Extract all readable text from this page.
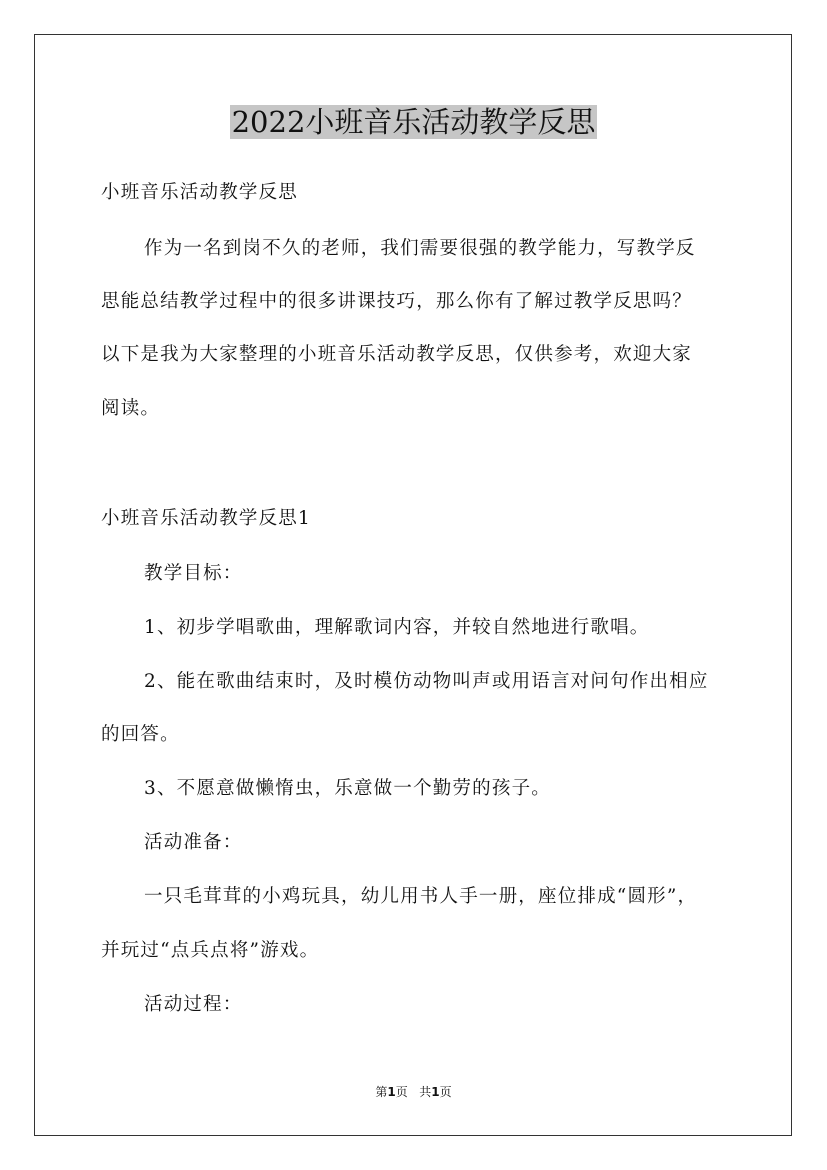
2022小班音乐活动教学反思
小班音乐活动教学反思
作为一名到岗不久的老师，我们需要很强的教学能力，写教学反
思能总结教学过程中的很多讲课技巧，那么你有了解过教学反思吗？
以下是我为大家整理的小班音乐活动教学反思，仅供参考，欢迎大家
阅读。
小班音乐活动教学反思1
教学目标：
1、初步学唱歌曲，理解歌词内容，并较自然地进行歌唱。
2、能在歌曲结束时，及时模仿动物叫声或用语言对问句作出相应
的回答。
3、不愿意做懒惰虫，乐意做一个勤劳的孩子。
活动准备：
一只毛茸茸的小鸡玩具，幼儿用书人手一册，座位排成“圆形”，
并玩过“点兵点将”游戏。
活动过程：
第1页 共1页
